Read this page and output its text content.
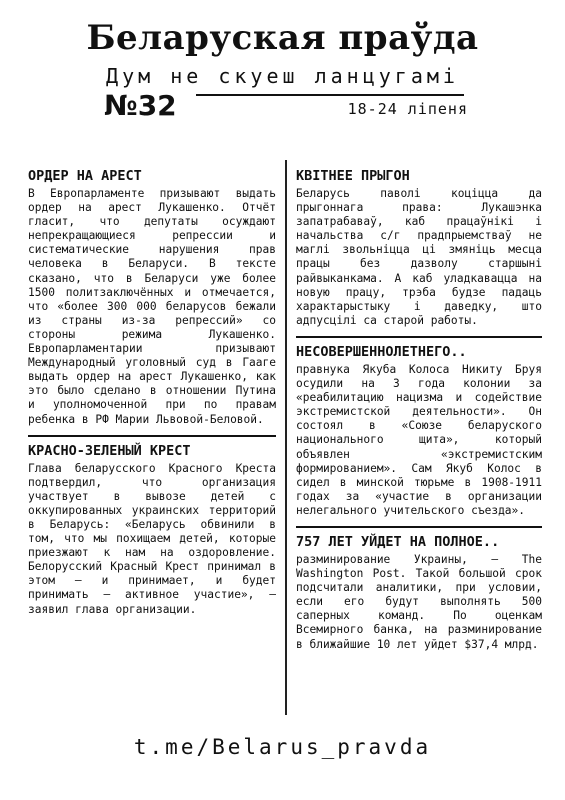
Беларуская праўда
Дум не скуеш ланцугамі
№32	18-24 ліпеня
ОРДЕР НА АРЕСТ

В Европарламенте призывают выдать ордер на арест Лукашенко. Отчёт гласит, что депутаты осуждают непрекращающиеся репрессии и систематические нарушения прав человека в Беларуси. В тексте сказано, что в Беларуси уже более 1500 политзаключённых и отмечается, что «более 300 000 беларусов бежали из страны из-за репрессий» со стороны режима Лукашенко. Европарламентарии призывают Международный уголовный суд в Гааге выдать ордер на арест Лукашенко, как это было сделано в отношении Путина и уполномоченной при по правам ребенка в РФ Марии Львовой-Беловой.

КРАСНО-ЗЕЛЕНЫЙ КРЕСТ

Глава беларусского Красного Креста подтвердил, что организация участвует в вывозе детей с оккупированных украинских территорий в Беларусь: «Беларусь обвинили в том, что мы похищаем детей, которые приезжают к нам на оздоровление. Белорусский Красный Крест принимал в этом – и принимает, и будет принимать – активное участие», – заявил глава организации.

КВІТНЕЕ ПРЫГОН

Беларусь паволі коціцца да прыгоннага права: Лукашэнка запатрабаваў, каб працаўнікі і начальства с/г прадпрыемстваў не маглі звольніцца ці змяніць месца працы без дазволу старшыні райвыканкама. А каб уладкавацца на новую працу, трэба будзе падаць характарыстыку і даведку, што адпусцілі са старой работы.

НЕСОВЕРШЕННОЛЕТНЕГО..

правнука Якуба Колоса Никиту Бруя осудили на 3 года колонии за «реабилитацию нацизма и содействие экстремистской деятельности». Он состоял в «Союзе беларуского национального щита», который объявлен «экстремистским формированием». Сам Якуб Колос в сидел в минской тюрьме в 1908-1911 годах за «участие в организации нелегального учительского съезда».

757 ЛЕТ УЙДЕТ НА ПОЛНОЕ..

разминирование Украины, — The Washington Post. Такой большой срок подсчитали аналитики, при условии, если его будут выполнять 500 саперных команд. По оценкам Всемирного банка, на разминирование в ближайшие 10 лет уйдет $37,4 млрд.

t.me/Belarus_pravda
